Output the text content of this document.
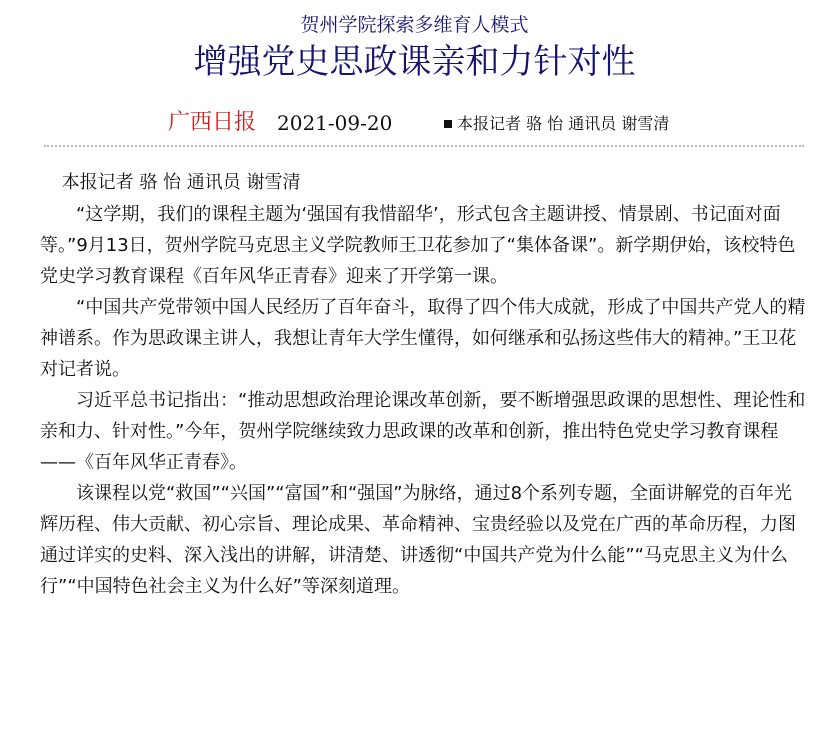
贺州学院探索多维育人模式
增强党史思政课亲和力针对性
广西日报 2021-09-20	本报记者 骆 怡 通讯员 谢雪清

本报记者 骆 怡 通讯员 谢雪清

“这学期，我们的课程主题为‘强国有我惜韶华’，形式包含主题讲授、情景剧、书记面对面等。”9月13日，贺州学院马克思主义学院教师王卫花参加了“集体备课”。新学期伊始，该校特色党史学习教育课程《百年风华正青春》迎来了开学第一课。

“中国共产党带领中国人民经历了百年奋斗，取得了四个伟大成就，形成了中国共产党人的精神谱系。作为思政课主讲人，我想让青年大学生懂得，如何继承和弘扬这些伟大的精神。”王卫花对记者说。

习近平总书记指出：“推动思想政治理论课改革创新，要不断增强思政课的思想性、理论性和亲和力、针对性。”今年，贺州学院继续致力思政课的改革和创新，推出特色党史学习教育课程——《百年风华正青春》。

该课程以党“救国”“兴国”“富国”和“强国”为脉络，通过8个系列专题，全面讲解党的百年光辉历程、伟大贡献、初心宗旨、理论成果、革命精神、宝贵经验以及党在广西的革命历程，力图通过详实的史料、深入浅出的讲解，讲清楚、讲透彻“中国共产党为什么能”“马克思主义为什么行”“中国特色社会主义为什么好”等深刻道理。
